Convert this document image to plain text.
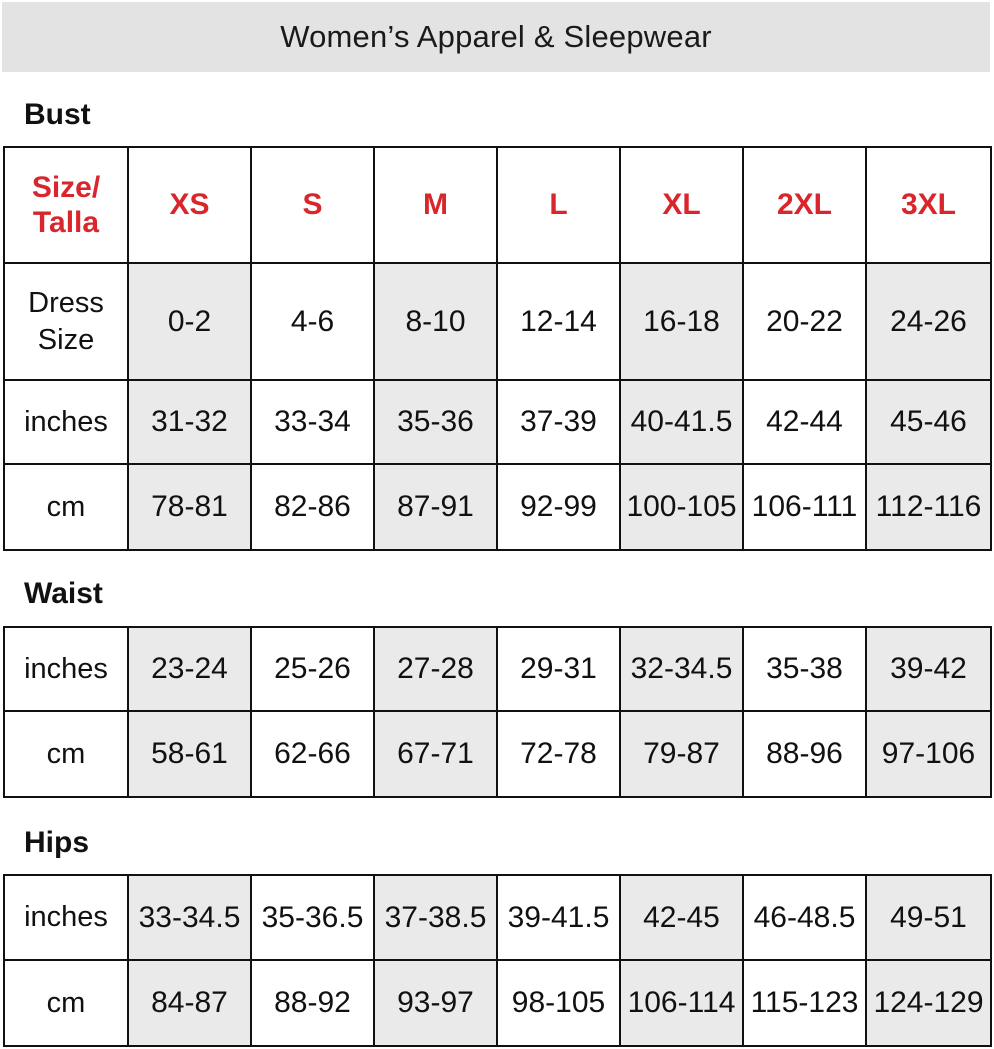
Women’s Apparel & Sleepwear
Bust
Size/ Talla	XS	S	M	L	XL	2XL	3XL
Dress Size	0-2	4-6	8-10	12-14	16-18	20-22	24-26
inches	31-32	33-34	35-36	37-39	40-41.5	42-44	45-46
cm	78-81	82-86	87-91	92-99	100-105	106-111	112-116
Waist
inches	23-24	25-26	27-28	29-31	32-34.5	35-38	39-42
cm	58-61	62-66	67-71	72-78	79-87	88-96	97-106
Hips
inches	33-34.5	35-36.5	37-38.5	39-41.5	42-45	46-48.5	49-51
cm	84-87	88-92	93-97	98-105	106-114	115-123	124-129
